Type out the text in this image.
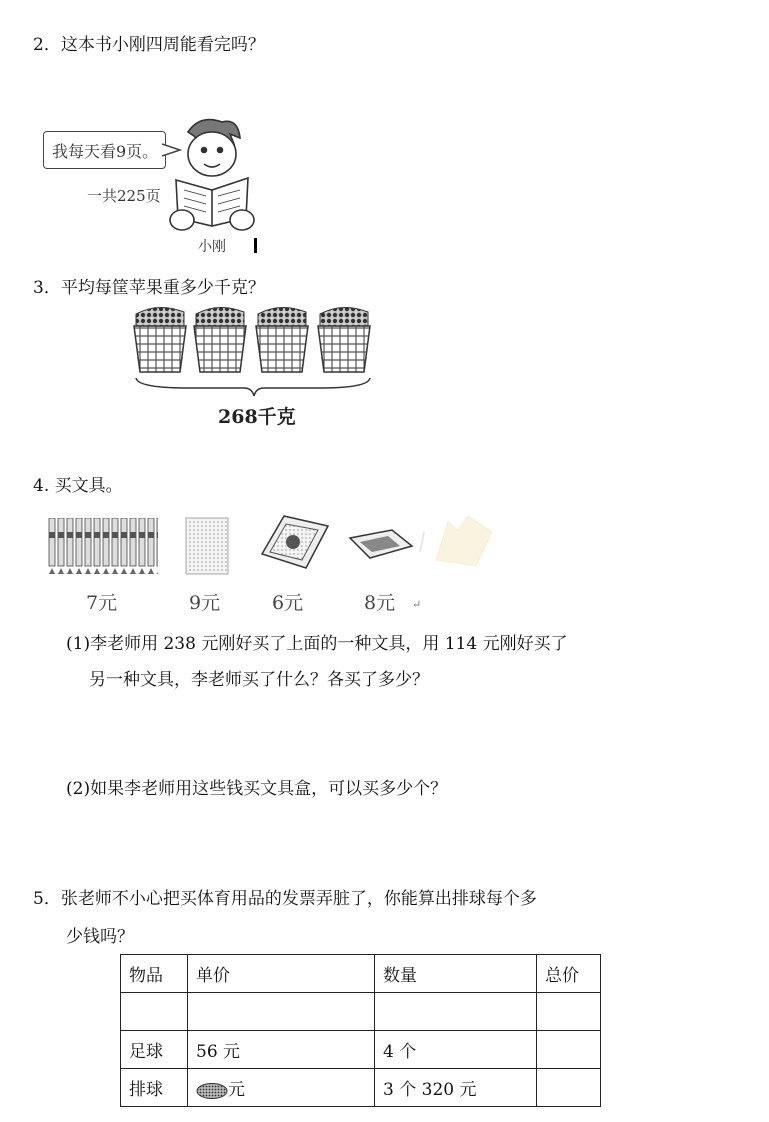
2．这本书小刚四周能看完吗？
我每天看9页。
一共225页
小刚
3．平均每筐苹果重多少千克？
268千克
4. 买文具。
7元	9元	6元	8元 ↵
(1)李老师用 238 元刚好买了上面的一种文具，用 114 元刚好买了
另一种文具，李老师买了什么？各买了多少？
(2)如果李老师用这些钱买文具盒，可以买多少个？
5．张老师不小心把买体育用品的发票弄脏了，你能算出排球每个多
少钱吗？
物品	单价	数量	总价

足球	56 元	4 个	
排球	元	3 个 320 元	
